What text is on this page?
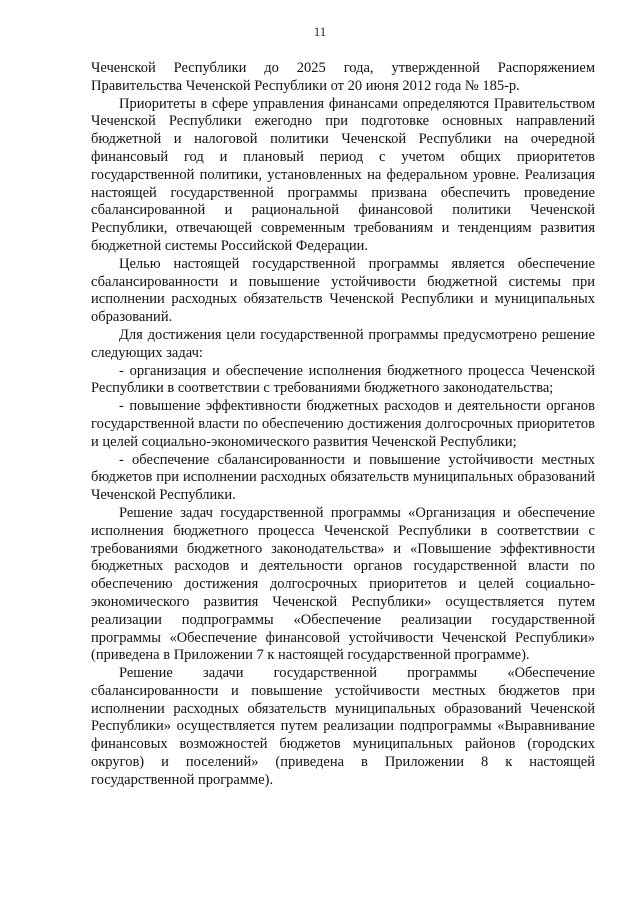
11

Чеченской Республики до 2025 года, утвержденной Распоряжением Правительства Чеченской Республики от 20 июня 2012 года № 185-р.

Приоритеты в сфере управления финансами определяются Правительством Чеченской Республики ежегодно при подготовке основных направлений бюджетной и налоговой политики Чеченской Республики на очередной финансовый год и плановый период с учетом общих приоритетов государственной политики, установленных на федеральном уровне. Реализация настоящей государственной программы призвана обеспечить проведение сбалансированной и рациональной финансовой политики Чеченской Республики, отвечающей современным требованиям и тенденциям развития бюджетной системы Российской Федерации.

Целью настоящей государственной программы является обеспечение сбалансированности и повышение устойчивости бюджетной системы при исполнении расходных обязательств Чеченской Республики и муниципальных образований.

Для достижения цели государственной программы предусмотрено решение следующих задач:

- организация и обеспечение исполнения бюджетного процесса Чеченской Республики в соответствии с требованиями бюджетного законодательства;

- повышение эффективности бюджетных расходов и деятельности органов государственной власти по обеспечению достижения долгосрочных приоритетов и целей социально-экономического развития Чеченской Республики;

- обеспечение сбалансированности и повышение устойчивости местных бюджетов при исполнении расходных обязательств муниципальных образований Чеченской Республики.

Решение задач государственной программы «Организация и обеспечение исполнения бюджетного процесса Чеченской Республики в соответствии с требованиями бюджетного законодательства» и «Повышение эффективности бюджетных расходов и деятельности органов государственной власти по обеспечению достижения долгосрочных приоритетов и целей социально-экономического развития Чеченской Республики» осуществляется путем реализации подпрограммы «Обеспечение реализации государственной программы «Обеспечение финансовой устойчивости Чеченской Республики» (приведена в Приложении 7 к настоящей государственной программе).

Решение задачи государственной программы «Обеспечение сбалансированности и повышение устойчивости местных бюджетов при исполнении расходных обязательств муниципальных образований Чеченской Республики» осуществляется путем реализации подпрограммы «Выравнивание финансовых возможностей бюджетов муниципальных районов (городских округов) и поселений» (приведена в Приложении 8 к настоящей государственной программе).
